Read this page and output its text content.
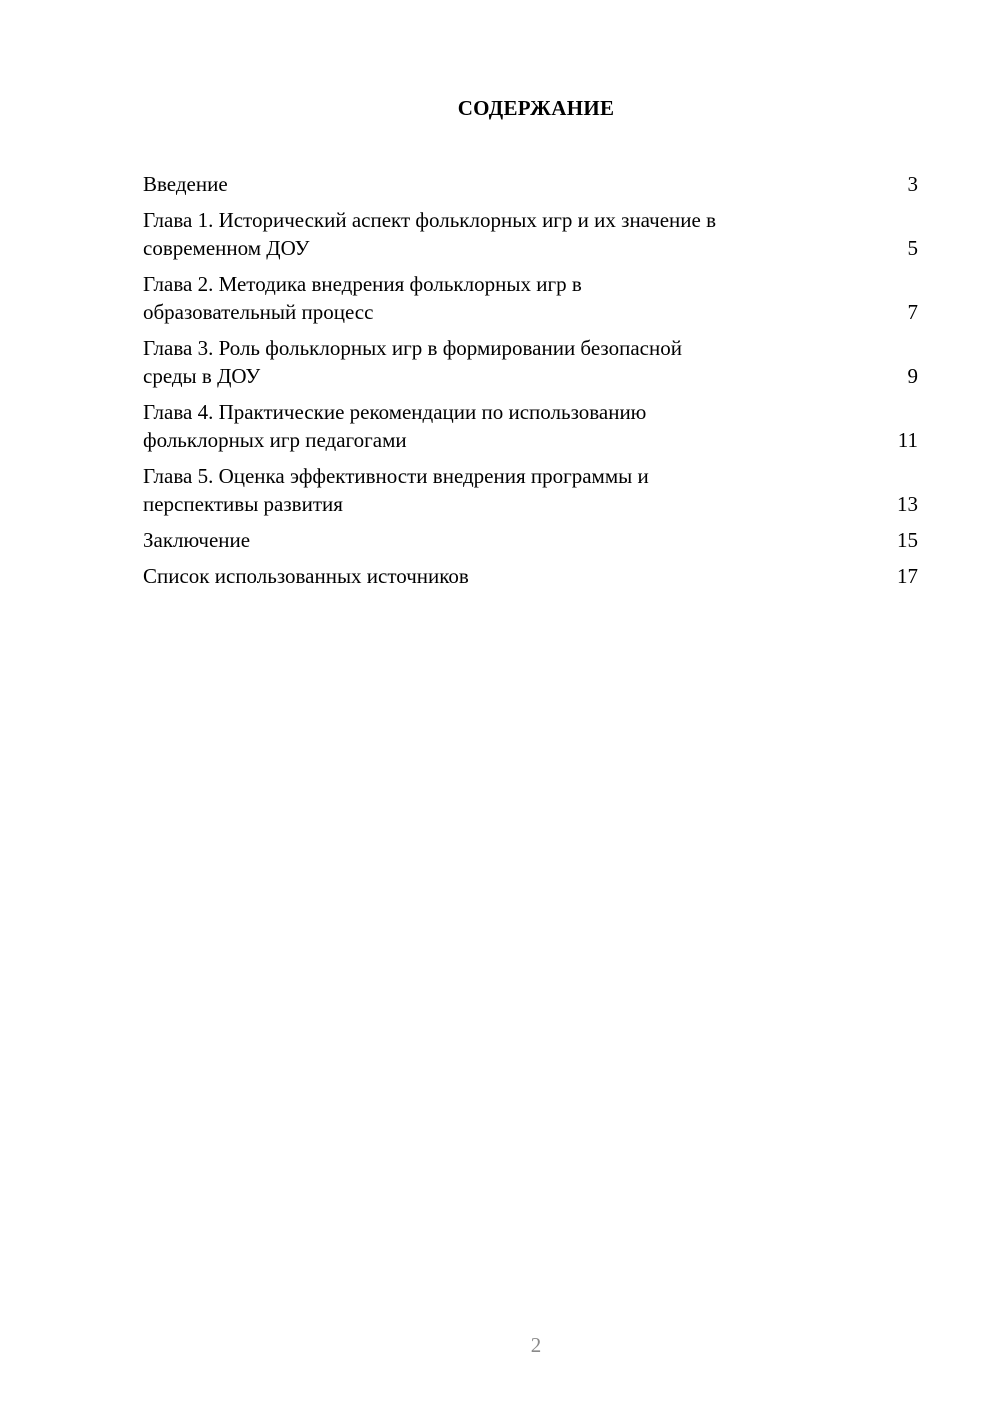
СОДЕРЖАНИЕ
Введение	3
Глава 1. Исторический аспект фольклорных игр и их значение в
современном ДОУ	5
Глава 2. Методика внедрения фольклорных игр в
образовательный процесс	7
Глава 3. Роль фольклорных игр в формировании безопасной
среды в ДОУ	9
Глава 4. Практические рекомендации по использованию
фольклорных игр педагогами	11
Глава 5. Оценка эффективности внедрения программы и
перспективы развития	13
Заключение	15
Список использованных источников	17
2
